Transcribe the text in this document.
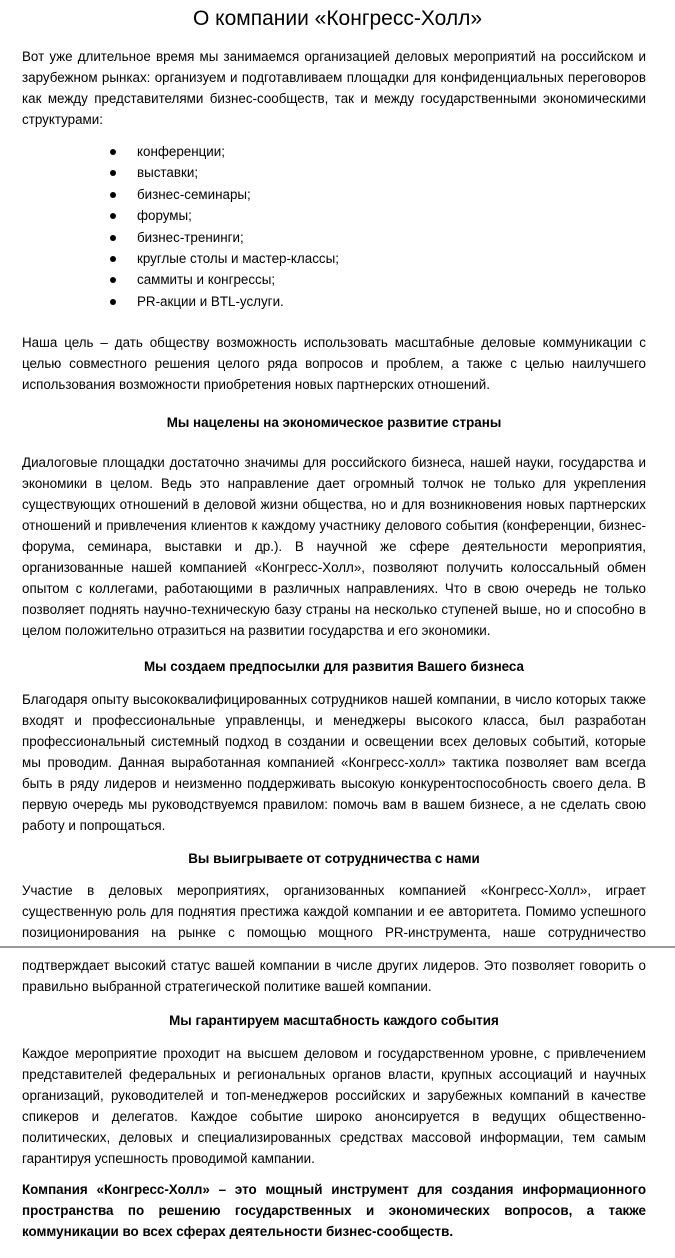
О компании «Конгресс-Холл»

Вот уже длительное время мы занимаемся организацией деловых мероприятий на российском и зарубежном рынках: организуем и подготавливаем площадки для конфиденциальных переговоров как между представителями бизнес-сообществ, так и между государственными экономическими структурами:

конференции;
выставки;
бизнес-семинары;
форумы;
бизнес-тренинги;
круглые столы и мастер-классы;
саммиты и конгрессы;
PR-акции и BTL-услуги.

Наша цель – дать обществу возможность использовать масштабные деловые коммуникации с целью совместного решения целого ряда вопросов и проблем, а также с целью наилучшего использования возможности приобретения новых партнерских отношений.

Мы нацелены на экономическое развитие страны

Диалоговые площадки достаточно значимы для российского бизнеса, нашей науки, государства и экономики в целом. Ведь это направление дает огромный толчок не только для укрепления существующих отношений в деловой жизни общества, но и для возникновения новых партнерских отношений и привлечения клиентов к каждому участнику делового события (конференции, бизнес-форума, семинара, выставки и др.). В научной же сфере деятельности мероприятия, организованные нашей компанией «Конгресс-Холл», позволяют получить колоссальный обмен опытом с коллегами, работающими в различных направлениях. Что в свою очередь не только позволяет поднять научно-техническую базу страны на несколько ступеней выше, но и способно в целом положительно отразиться на развитии государства и его экономики.

Мы создаем предпосылки для развития Вашего бизнеса

Благодаря опыту высококвалифицированных сотрудников нашей компании, в число которых также входят и профессиональные управленцы, и менеджеры высокого класса, был разработан профессиональный системный подход в создании и освещении всех деловых событий, которые мы проводим. Данная выработанная компанией «Конгресс-холл» тактика позволяет вам всегда быть в ряду лидеров и неизменно поддерживать высокую конкурентоспособность своего дела. В первую очередь мы руководствуемся правилом: помочь вам в вашем бизнесе, а не сделать свою работу и попрощаться.

Вы выигрываете от сотрудничества с нами

Участие в деловых мероприятиях, организованных компанией «Конгресс-Холл», играет существенную роль для поднятия престижа каждой компании и ее авторитета. Помимо успешного позиционирования на рынке с помощью мощного PR-инструмента, наше сотрудничество

подтверждает высокий статус вашей компании в числе других лидеров. Это позволяет говорить о правильно выбранной стратегической политике вашей компании.

Мы гарантируем масштабность каждого события

Каждое мероприятие проходит на высшем деловом и государственном уровне, с привлечением представителей федеральных и региональных органов власти, крупных ассоциаций и научных организаций, руководителей и топ-менеджеров российских и зарубежных компаний в качестве спикеров и делегатов. Каждое событие широко анонсируется в ведущих общественно-политических, деловых и специализированных средствах массовой информации, тем самым гарантируя успешность проводимой кампании.

Компания «Конгресс-Холл» – это мощный инструмент для создания информационного пространства по решению государственных и экономических вопросов, а также коммуникации во всех сферах деятельности бизнес-сообществ.
